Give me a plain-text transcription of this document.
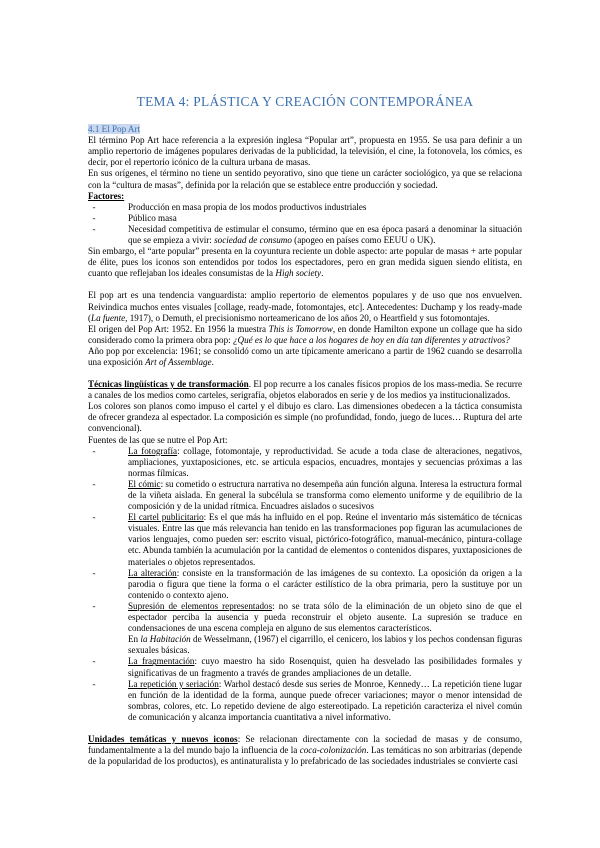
TEMA 4: PLÁSTICA Y CREACIÓN CONTEMPORÁNEA

4.1 El Pop Art

El término Pop Art hace referencia a la expresión inglesa “Popular art”, propuesta en 1955. Se usa para definir a un amplio repertorio de imágenes populares derivadas de la publicidad, la televisión, el cine, la fotonovela, los cómics, es decir, por el repertorio icónico de la cultura urbana de masas.

En sus orígenes, el término no tiene un sentido peyorativo, sino que tiene un carácter sociológico, ya que se relaciona con la “cultura de masas”, definida por la relación que se establece entre producción y sociedad.

Factores:

-	Producción en masa propia de los modos productivos industriales
-	Público masa
-	Necesidad competitiva de estimular el consumo, término que en esa época pasará a denominar la situación que se empieza a vivir: sociedad de consumo (apogeo en países como EEUU o UK).

Sin embargo, el “arte popular” presenta en la coyuntura reciente un doble aspecto: arte popular de masas + arte popular de élite, pues los iconos son entendidos por todos los espectadores, pero en gran medida siguen siendo elitista, en cuanto que reflejaban los ideales consumistas de la High society.

El pop art es una tendencia vanguardista: amplio repertorio de elementos populares y de uso que nos envuelven. Reivindica muchos entes visuales [collage, ready-made, fotomontajes, etc]. Antecedentes: Duchamp y los ready-made (La fuente, 1917), o Demuth, el precisionismo norteamericano de los años 20, o Heartfield y sus fotomontajes.

El origen del Pop Art: 1952. En 1956 la muestra This is Tomorrow, en donde Hamilton expone un collage que ha sido considerado como la primera obra pop: ¿Qué es lo que hace a los hogares de hoy en día tan diferentes y atractivos?

Año pop por excelencia: 1961; se consolidó como un arte típicamente americano a partir de 1962 cuando se desarrolla una exposición Art of Assemblage.

Técnicas lingüísticas y de transformación. El pop recurre a los canales físicos propios de los mass-media. Se recurre a canales de los medios como carteles, serigrafía, objetos elaborados en serie y de los medios ya institucionalizados.

Los colores son planos como impuso el cartel y el dibujo es claro. Las dimensiones obedecen a la táctica consumista de ofrecer grandeza al espectador. La composición es simple (no profundidad, fondo, juego de luces… Ruptura del arte convencional).

Fuentes de las que se nutre el Pop Art:

-	La fotografía: collage, fotomontaje, y reproductividad. Se acude a toda clase de alteraciones, negativos, ampliaciones, yuxtaposiciones, etc. se articula espacios, encuadres, montajes y secuencias próximas a las normas fílmicas.
-	El cómic: su cometido o estructura narrativa no desempeña aún función alguna. Interesa la estructura formal de la viñeta aislada. En general la subcélula se transforma como elemento uniforme y de equilibrio de la composición y de la unidad rítmica. Encuadres aislados o sucesivos
-	El cartel publicitario: Es el que más ha influido en el pop. Reúne el inventario más sistemático de técnicas visuales. Entre las que más relevancia han tenido en las transformaciones pop figuran las acumulaciones de varios lenguajes, como pueden ser: escrito visual, pictórico-fotográfico, manual-mecánico, pintura-collage etc. Abunda también la acumulación por la cantidad de elementos o contenidos dispares, yuxtaposiciones de materiales o objetos representados.
-	La alteración: consiste en la transformación de las imágenes de su contexto. La oposición da origen a la parodia o figura que tiene la forma o el carácter estilístico de la obra primaria, pero la sustituye por un contenido o contexto ajeno.
-	Supresión de elementos representados: no se trata sólo de la eliminación de un objeto sino de que el espectador perciba la ausencia y pueda reconstruir el objeto ausente. La supresión se traduce en condensaciones de una escena compleja en alguno de sus elementos característicos.
En la Habitación de Wesselmann, (1967) el cigarrillo, el cenicero, los labios y los pechos condensan figuras sexuales básicas.
-	La fragmentación: cuyo maestro ha sido Rosenquist, quien ha desvelado las posibilidades formales y significativas de un fragmento a través de grandes ampliaciones de un detalle.
-	La repetición y seriación: Warhol destacó desde sus series de Monroe, Kennedy… La repetición tiene lugar en función de la identidad de la forma, aunque puede ofrecer variaciones; mayor o menor intensidad de sombras, colores, etc. Lo repetido deviene de algo estereotipado. La repetición caracteriza el nivel común de comunicación y alcanza importancia cuantitativa a nivel informativo.

Unidades temáticas y nuevos iconos: Se relacionan directamente con la sociedad de masas y de consumo, fundamentalmente a la del mundo bajo la influencia de la coca-colonización. Las temáticas no son arbitrarias (depende de la popularidad de los productos), es antinaturalista y lo prefabricado de las sociedades industriales se convierte casi
